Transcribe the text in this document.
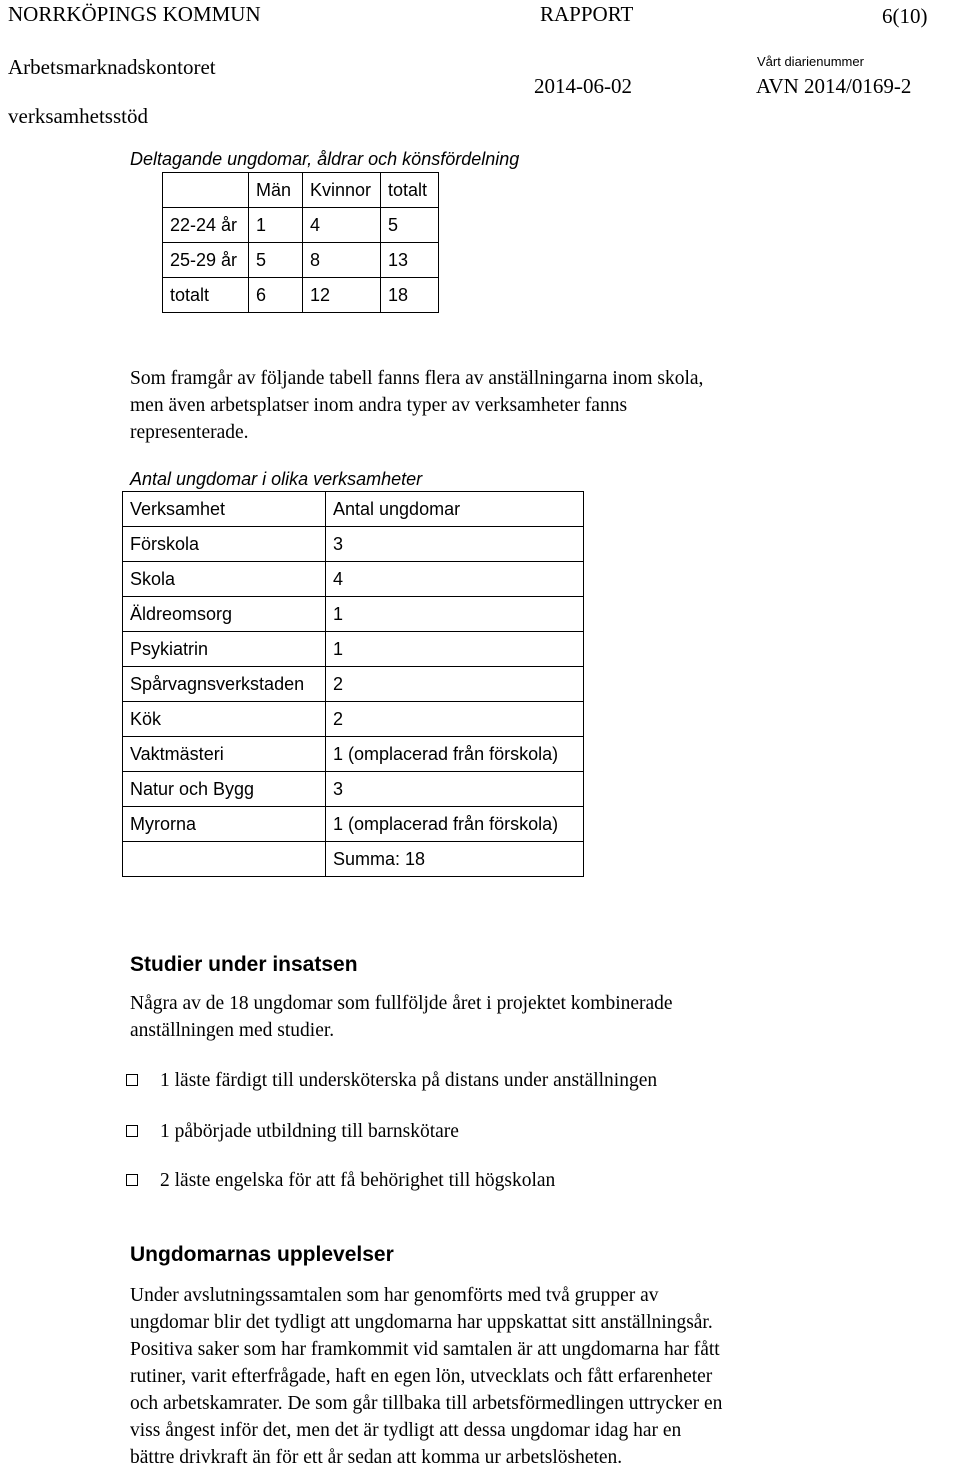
NORRKÖPINGS KOMMUN	RAPPORT	6(10)
Arbetsmarknadskontoret	Vårt diarienummer
2014-06-02	AVN 2014/0169-2
verksamhetsstöd
Deltagande ungdomar, åldrar och könsfördelning
	Män	Kvinnor	totalt
22-24 år	1	4	5
25-29 år	5	8	13
totalt	6	12	18
Som framgår av följande tabell fanns flera av anställningarna inom skola,
men även arbetsplatser inom andra typer av verksamheter fanns
representerade.
Antal ungdomar i olika verksamheter
Verksamhet	Antal ungdomar
Förskola	3
Skola	4
Äldreomsorg	1
Psykiatrin	1
Spårvagnsverkstaden	2
Kök	2
Vaktmästeri	1 (omplacerad från förskola)
Natur och Bygg	3
Myrorna	1 (omplacerad från förskola)
	Summa: 18
Studier under insatsen
Några av de 18 ungdomar som fullföljde året i projektet kombinerade
anställningen med studier.
1 läste färdigt till undersköterska på distans under anställningen
1 påbörjade utbildning till barnskötare
2 läste engelska för att få behörighet till högskolan
Ungdomarnas upplevelser
Under avslutningssamtalen som har genomförts med två grupper av
ungdomar blir det tydligt att ungdomarna har uppskattat sitt anställningsår.
Positiva saker som har framkommit vid samtalen är att ungdomarna har fått
rutiner, varit efterfrågade, haft en egen lön, utvecklats och fått erfarenheter
och arbetskamrater. De som går tillbaka till arbetsförmedlingen uttrycker en
viss ångest inför det, men det är tydligt att dessa ungdomar idag har en
bättre drivkraft än för ett år sedan att komma ur arbetslösheten.
